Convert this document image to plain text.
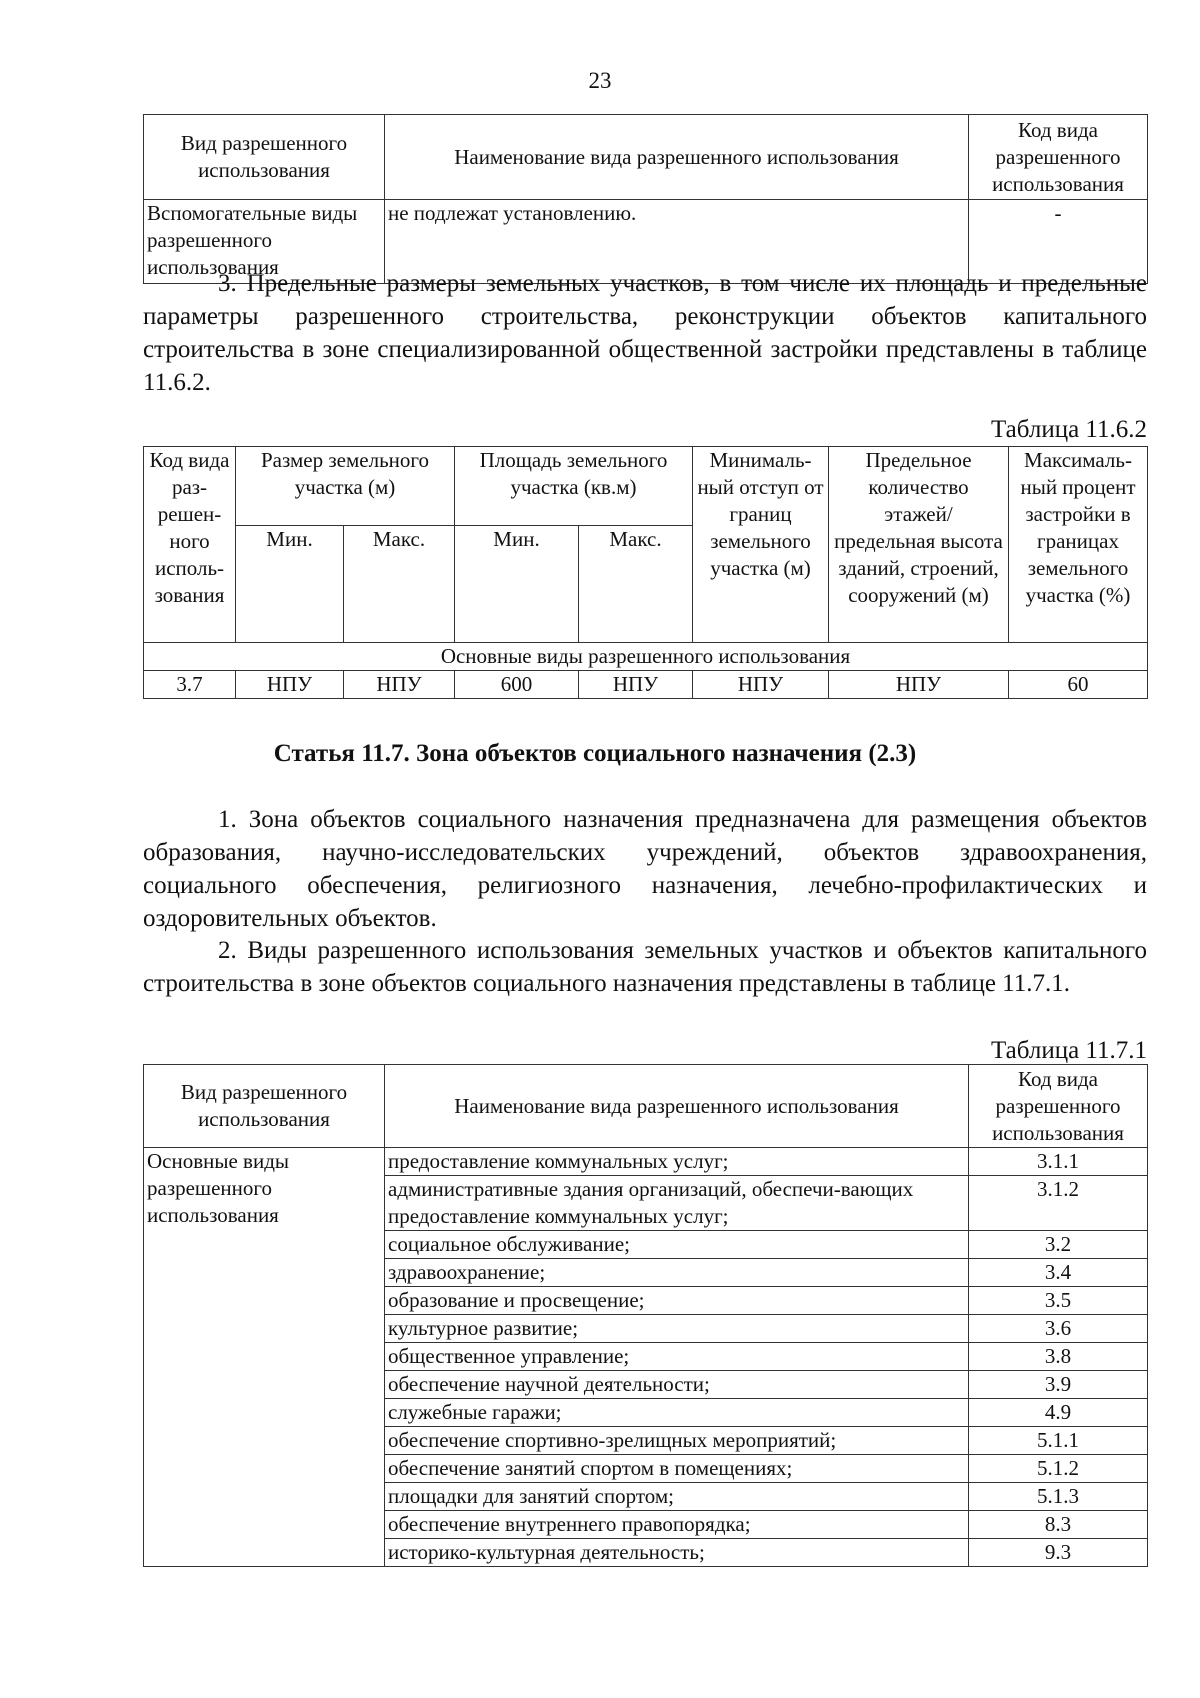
23
Вид разрешенного использования	Наименование вида разрешенного использования	Код вида разрешенного использования
Вспомогательные виды разрешенного использования	не подлежат установлению.	-

3. Предельные размеры земельных участков, в том числе их площадь и предельные параметры разрешенного строительства, реконструкции объектов капитального строительства в зоне специализированной общественной застройки представлены в таблице 11.6.2.

Таблица 11.6.2
Код вида раз-решен-ного исполь-зования	Размер земельного участка (м)		Площадь земельного участка (кв.м)		Минималь-ный отступ от границ земельного участка (м)	Предельное количество этажей/ предельная высота зданий, строений, сооружений (м)	Максималь-ный процент застройки в границах земельного участка (%)
	Мин.	Макс.	Мин.	Макс.			
Основные виды разрешенного использования							
3.7	НПУ	НПУ	600	НПУ	НПУ	НПУ	60
Статья 11.7. Зона объектов социального назначения (2.3)

1. Зона объектов социального назначения предназначена для размещения объектов образования, научно-исследовательских учреждений, объектов здравоохранения, социального обеспечения, религиозного назначения, лечебно-профилактических и оздоровительных объектов.

2. Виды разрешенного использования земельных участков и объектов капитального строительства в зоне объектов социального назначения представлены в таблице 11.7.1.

Таблица 11.7.1
Вид разрешенного использования	Наименование вида разрешенного использования	Код вида разрешенного использования
Основные виды разрешенного использования	предоставление коммунальных услуг;	3.1.1
	административные здания организаций, обеспечи-вающих предоставление коммунальных услуг;	3.1.2
	социальное обслуживание;	3.2
	здравоохранение;	3.4
	образование и просвещение;	3.5
	культурное развитие;	3.6
	общественное управление;	3.8
	обеспечение научной деятельности;	3.9
	служебные гаражи;	4.9
	обеспечение спортивно-зрелищных мероприятий;	5.1.1
	обеспечение занятий спортом в помещениях;	5.1.2
	площадки для занятий спортом;	5.1.3
	обеспечение внутреннего правопорядка;	8.3
	историко-культурная деятельность;	9.3
